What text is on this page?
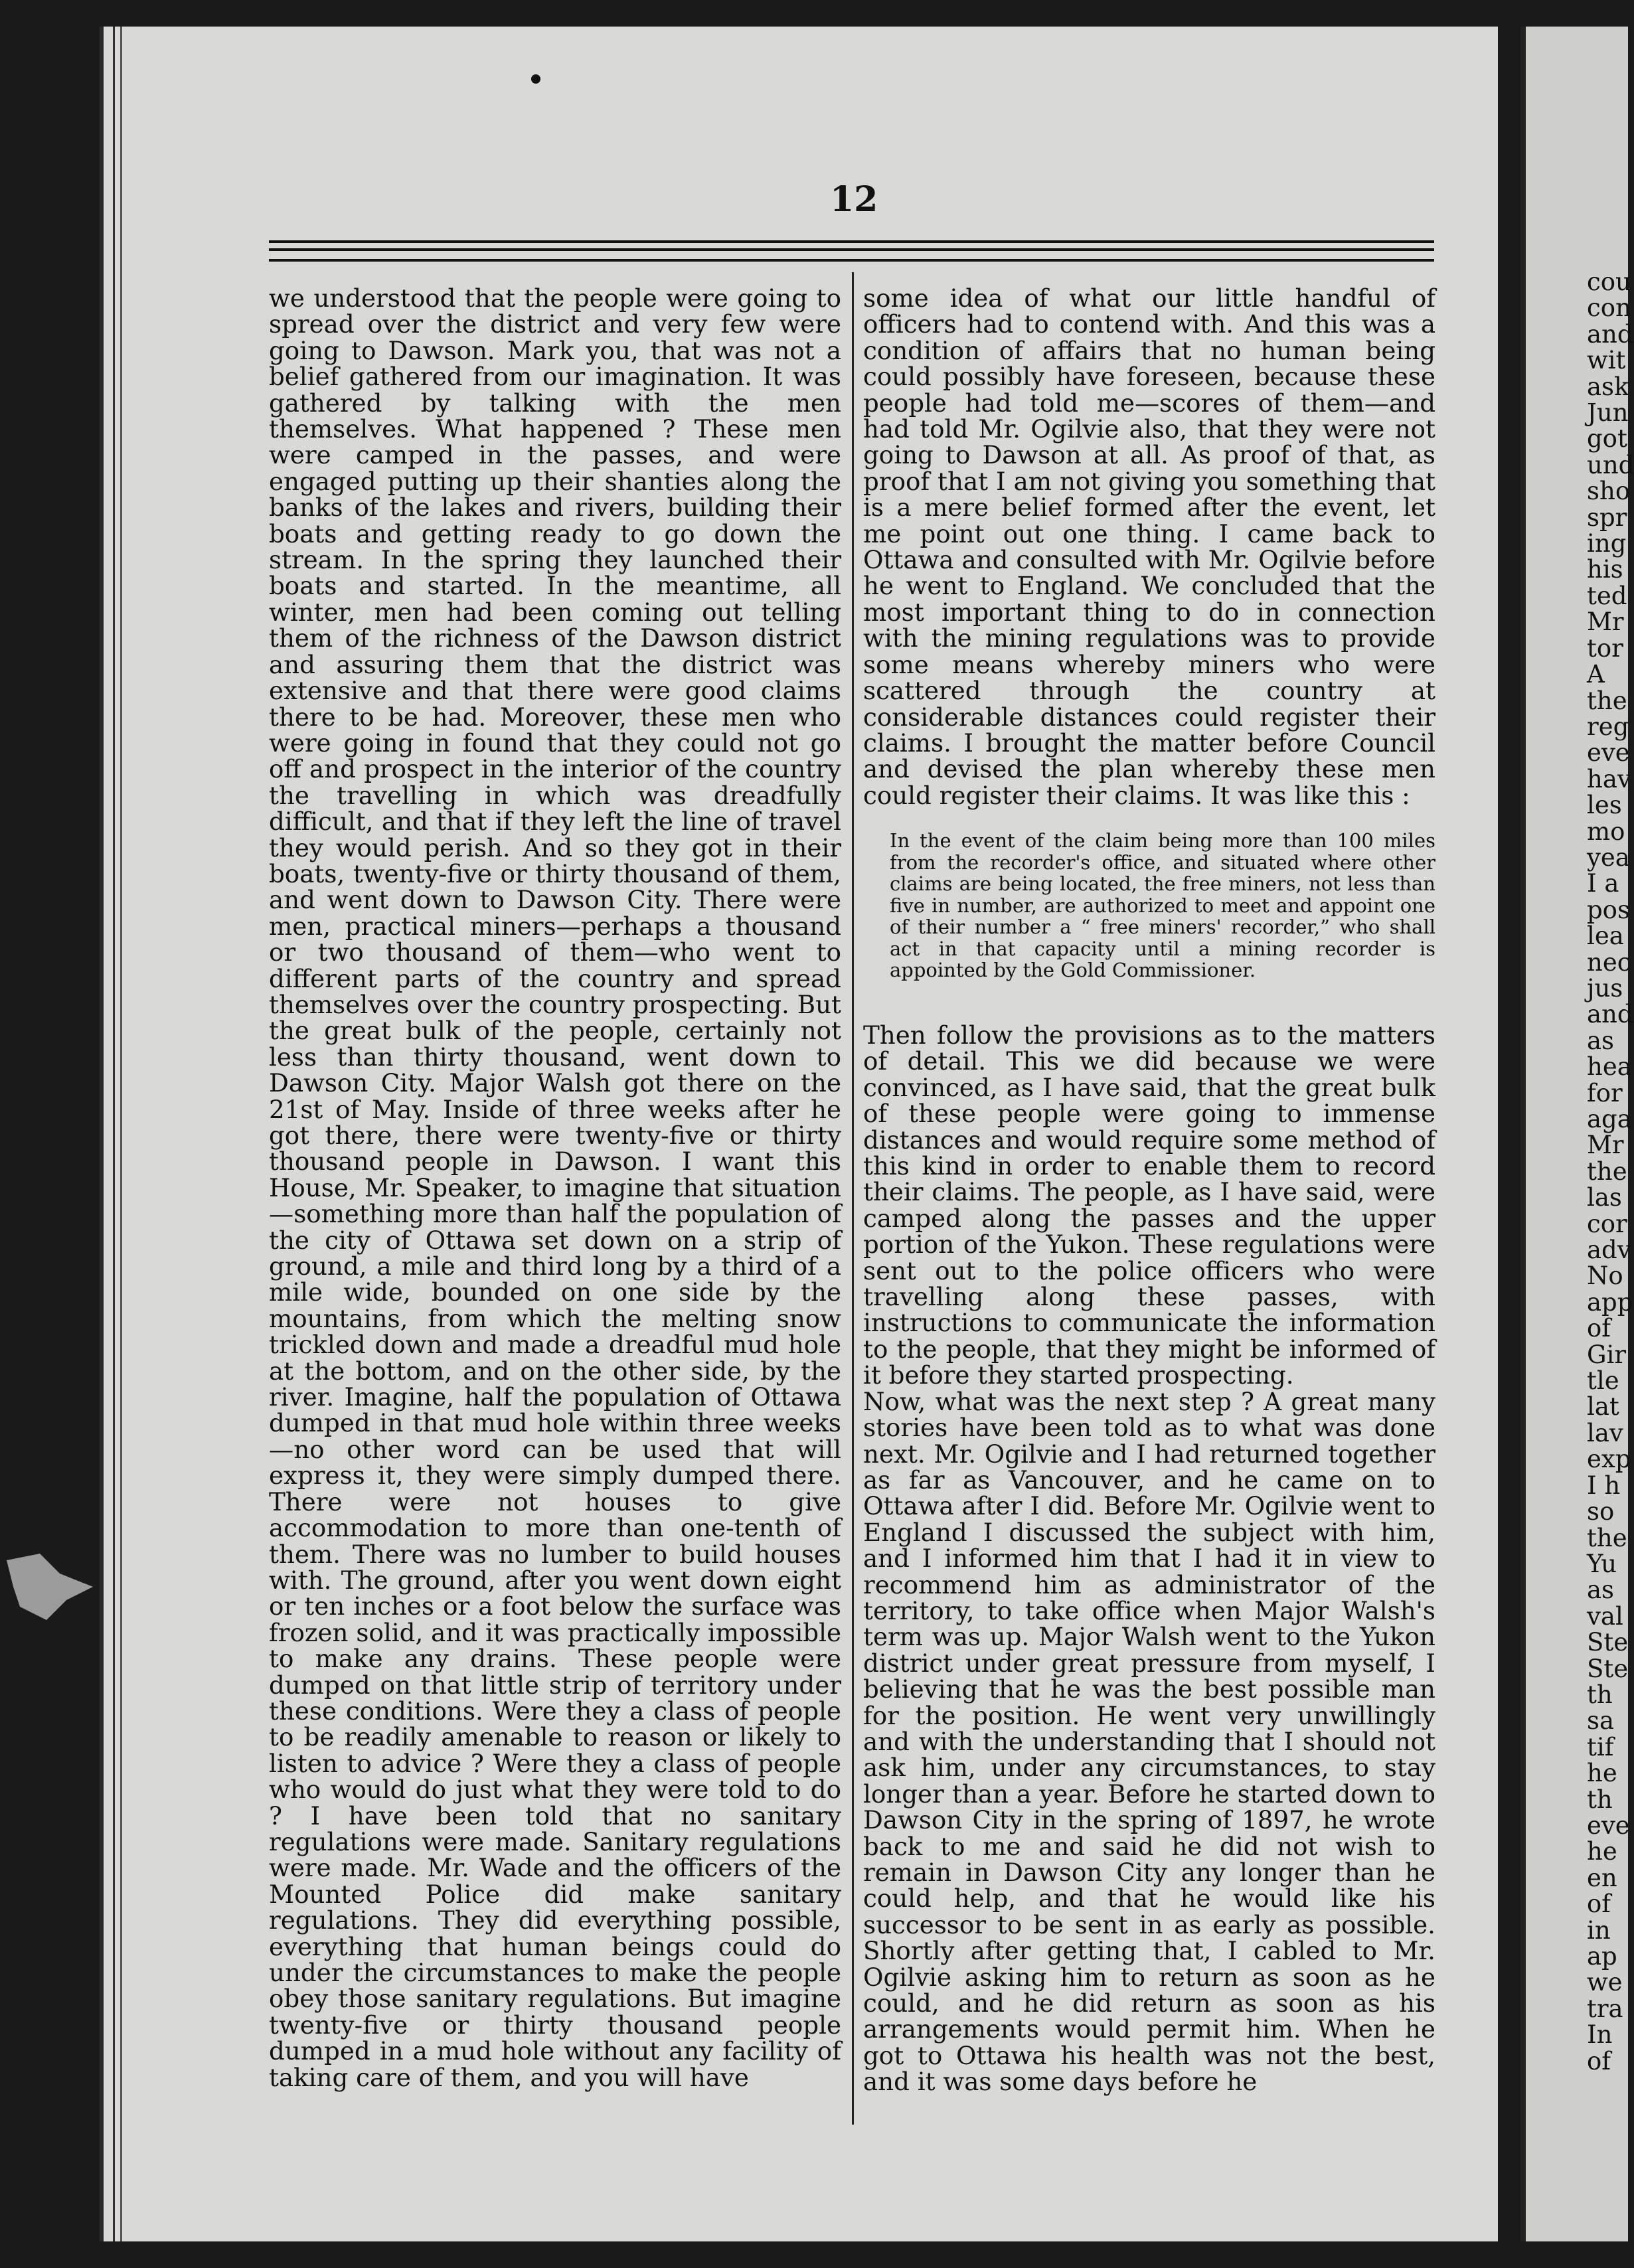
12
we understood that the people were going to spread over the district and very few were going to Dawson. Mark you, that was not a belief gathered from our imagination. It was gathered by talking with the men themselves. What happened ? These men were camped in the passes, and were engaged putting up their shanties along the banks of the lakes and rivers, building their boats and getting ready to go down the stream. In the spring they launched their boats and started. In the meantime, all winter, men had been coming out telling them of the richness of the Dawson district and assuring them that the district was extensive and that there were good claims there to be had. Moreover, these men who were going in found that they could not go off and prospect in the interior of the country the travelling in which was dreadfully difficult, and that if they left the line of travel they would perish. And so they got in their boats, twenty-five or thirty thousand of them, and went down to Dawson City. There were men, practical miners—perhaps a thousand or two thousand of them—who went to different parts of the country and spread themselves over the country prospecting. But the great bulk of the people, certainly not less than thirty thousand, went down to Dawson City. Major Walsh got there on the 21st of May. Inside of three weeks after he got there, there were twenty-five or thirty thousand people in Dawson. I want this House, Mr. Speaker, to imagine that situation—something more than half the population of the city of Ottawa set down on a strip of ground, a mile and third long by a third of a mile wide, bounded on one side by the mountains, from which the melting snow trickled down and made a dreadful mud hole at the bottom, and on the other side, by the river. Imagine, half the population of Ottawa dumped in that mud hole within three weeks—no other word can be used that will express it, they were simply dumped there. There were not houses to give accommodation to more than one-tenth of them. There was no lumber to build houses with. The ground, after you went down eight or ten inches or a foot below the surface was frozen solid, and it was practically impossible to make any drains. These people were dumped on that little strip of territory under these conditions. Were they a class of people to be readily amenable to reason or likely to listen to advice ? Were they a class of people who would do just what they were told to do ? I have been told that no sanitary regulations were made. Sanitary regulations were made. Mr. Wade and the officers of the Mounted Police did make sanitary regulations. They did everything possible, everything that human beings could do under the circumstances to make the people obey those sanitary regulations. But imagine twenty-five or thirty thousand people dumped in a mud hole without any facility of taking care of them, and you will have
some idea of what our little handful of officers had to contend with. And this was a condition of affairs that no human being could possibly have foreseen, because these people had told me—scores of them—and had told Mr. Ogilvie also, that they were not going to Dawson at all. As proof of that, as proof that I am not giving you something that is a mere belief formed after the event, let me point out one thing. I came back to Ottawa and consulted with Mr. Ogilvie before he went to England. We concluded that the most important thing to do in connection with the mining regulations was to provide some means whereby miners who were scattered through the country at considerable distances could register their claims. I brought the matter before Council and devised the plan whereby these men could register their claims. It was like this :
In the event of the claim being more than 100 miles from the recorder's office, and situated where other claims are being located, the free miners, not less than five in number, are authorized to meet and appoint one of their number a “ free miners' recorder,” who shall act in that capacity until a mining recorder is appointed by the Gold Commissioner.
Then follow the provisions as to the matters of detail. This we did because we were convinced, as I have said, that the great bulk of these people were going to immense distances and would require some method of this kind in order to enable them to record their claims. The people, as I have said, were camped along the passes and the upper portion of the Yukon. These regulations were sent out to the police officers who were travelling along these passes, with instructions to communicate the information to the people, that they might be informed of it before they started prospecting.
Now, what was the next step ? A great many stories have been told as to what was done next. Mr. Ogilvie and I had returned together as far as Vancouver, and he came on to Ottawa after I did. Before Mr. Ogilvie went to England I discussed the subject with him, and I informed him that I had it in view to recommend him as administrator of the territory, to take office when Major Walsh's term was up. Major Walsh went to the Yukon district under great pressure from myself, I believing that he was the best possible man for the position. He went very unwillingly and with the understanding that I should not ask him, under any circumstances, to stay longer than a year. Before he started down to Dawson City in the spring of 1897, he wrote back to me and said he did not wish to remain in Dawson City any longer than he could help, and that he would like his successor to be sent in as early as possible. Shortly after getting that, I cabled to Mr. Ogilvie asking him to return as soon as he could, and he did return as soon as his arrangements would permit him. When he got to Ottawa his health was not the best, and it was some days before he
cou
con
and
wit
ask
Jun
got
und
sho
spr
ing
his
ted
Mr
tor
A
the
reg
eve
hav
les
mo
yea
I a
pos
lea
nec
jus
and
as
hea
for
aga
Mr
the
las
cor
adv
No
app
of
Gir
tle
lat
lav
exp
I h
so
the
Yu
as
val
Ste
Ste
th
sa
tif
he
th
eve
he
en
of
in
ap
we
tra
In
of
